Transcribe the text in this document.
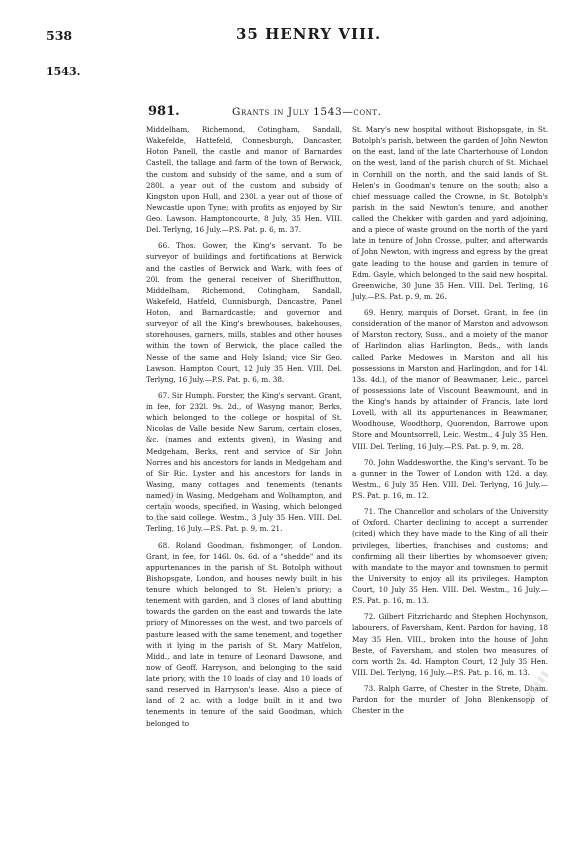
538	35 HENRY VIII.
1543.
981.	Grants in July 1543—cont.

Middelham, Richemond, Cotingham, Sandall, Wakefelde, Hattefeld, Connesburgh, Dancaster, Hoton Panell, the castle and manor of Barnardes Castell, the tallage and farm of the town of Berwick, the custom and subsidy of the same, and a sum of 280l. a year out of the custom and subsidy of Kingston upon Hull, and 230l. a year out of those of Newcastle upon Tyne; with profits as enjoyed by Sir Geo. Lawson. Hamptoncourte, 8 July, 35 Hen. VIII. Del. Terlyng, 16 July.—P.S. Pat. p. 6, m. 37.

66. Thos. Gower, the King's servant. To be surveyor of buildings and fortifications at Berwick and the castles of Berwick and Wark, with fees of 20l. from the general receiver of Sheriffhutton, Middelham, Richemond, Cotingham, Sandall, Wakefeld, Hatfeld, Cunnisburgh, Dancastre, Panel Hoton, and Barnardcastle; and governor and surveyor of all the King's brewhouses, bakehouses, storehouses, garners, mills, stables and other houses within the town of Berwick, the place called the Nesse of the same and Holy Island; vice Sir Geo. Lawson. Hampton Court, 12 July 35 Hen. VIII. Del. Terlyng, 16 July.—P.S. Pat. p. 6, m. 38.

67. Sir Humph. Forster, the King's servant. Grant, in fee, for 232l. 9s. 2d., of Wasyng manor, Berks, which belonged to the college or hospital of St. Nicolas de Valle beside New Sarum, certain closes, &c. (names and extents given), in Wasing and Medgeham, Berks, rent and service of Sir John Norres and his ancestors for lands in Medgeham and of Sir Ric. Lyster and his ancestors for lands in Wasing, many cottages and tenements (tenants named) in Wasing, Medgeham and Wolhampton, and certain woods, specified, in Wasing, which belonged to the said college. Westm., 3 July 35 Hen. VIII. Del. Terling, 16 July.—P.S. Pat. p. 9, m. 21.

68. Roland Goodman, fishmonger, of London. Grant, in fee, for 146l. 0s. 6d. of a "shedde" and its appurtenances in the parish of St. Botolph without Bishopsgate, London, and houses newly built in his tenure which belonged to St. Helen's priory; a tenement with garden, and 3 closes of land abutting towards the garden on the east and towards the late priory of Minoresses on the west, and two parcels of pasture leased with the same tenement, and together with it lying in the parish of St. Mary Matfelon, Midd., and late in tenure of Leonard Dawsone, and now of Geoff. Harryson, and belonging to the said late priory, with the 10 loads of clay and 10 loads of sand reserved in Harryson's lease. Also a piece of land of 2 ac. with a lodge built in it and two tenements in tenure of the said Goodman, which belonged to

St. Mary's new hospital without Bishopsgate, in St. Botolph's parish, between the garden of John Newton on the east, land of the late Charterhouse of London on the west, land of the parish church of St. Michael in Cornhill on the north, and the said lands of St. Helen's in Goodman's tenure on the south; also a chief messuage called the Crowne, in St. Botolph's parish in the said Newton's tenure, and another called the Chekker with garden and yard adjoining, and a piece of waste ground on the north of the yard late in tenure of John Crosse, pulter, and afterwards of John Newton, with ingress and egress by the great gate leading to the house and garden in tenure of Edm. Gayle, which belonged to the said new hospital. Greenwiche, 30 June 35 Hen. VIII. Del. Terling, 16 July.—P.S. Pat. p. 9, m. 26.

69. Henry, marquis of Dorset. Grant, in fee (in consideration of the manor of Marston and advowson of Marston rectory, Suss., and a moiety of the manor of Harlindon alias Harlington, Beds., with lands called Parke Medowes in Marston and all his possessions in Marston and Harlingdon, and for 14l. 13s. 4d.), of the manor of Beawmaner, Leic., parcel of possessions late of Viscount Beawmount, and in the King's hands by attainder of Francis, late lord Lovell, with all its appurtenances in Beawmaner, Woodhouse, Woodthorp, Quorendon, Barrowe upon Store and Mountsorrell, Leic. Westm., 4 July 35 Hen. VIII. Del. Terling, 16 July.—P.S. Pat. p. 9, m. 28.

70. John Waddesworthe, the King's servant. To be a gunner in the Tower of London with 12d. a day. Westm., 6 July 35 Hen. VIII. Del. Terlyng, 16 July.—P.S. Pat. p. 16, m. 12.

71. The Chancellor and scholars of the University of Oxford. Charter declining to accept a surrender (cited) which they have made to the King of all their privileges, liberties, franchises and customs; and confirming all their liberties by whomsoever given; with mandate to the mayor and townsmen to permit the University to enjoy all its privileges. Hampton Court, 10 July 35 Hen. VIII. Del. Westm., 16 July.—P.S. Pat. p. 16, m. 13.

72. Gilbert Fitzrichardc and Stephen Hochynson, labourers, of Faversham, Kent. Pardon for having, 18 May 35 Hen. VIII., broken into the house of John Beste, of Faversham, and stolen two measures of corn worth 2s. 4d. Hampton Court, 12 July 35 Hen. VIII. Del. Terlyng, 16 July.—P.S. Pat. p. 16, m. 13.

73. Ralph Garre, of Chester in the Strete, Dham. Pardon for the murder of John Blenkensopp of Chester in the

▮▮▮▮▮▮
▮▮▮▮▮▮
